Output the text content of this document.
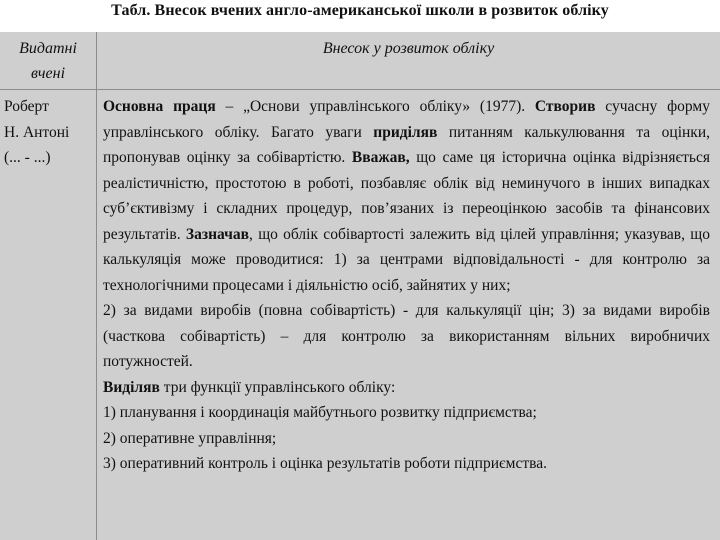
Табл. Внесок вчених англо-американської школи в розвиток обліку
Видатні
вчені
Внесок у розвиток обліку
Роберт
Н. Антоні
(... - ...)

Основна праця – „Основи управлінського обліку» (1977). Створив сучасну форму управлінського обліку. Багато уваги приділяв питанням калькулювання та оцінки, пропонував оцінку за собівартістю. Вважав, що саме ця історична оцінка відрізняється реалістичністю, простотою в роботі, позбавляє облік від неминучого в інших випадках суб’єктивізму і складних процедур, пов’язаних із переоцінкою засобів та фінансових результатів. Зазначав, що облік собівартості залежить від цілей управління; указував, що калькуляція може проводитися: 1) за центрами відповідальності - для контролю за технологічними процесами і діяльністю осіб, зайнятих у них;

2) за видами виробів (повна собівартість) - для калькуляції цін; 3) за видами виробів (часткова собівартість) – для контролю за використанням вільних виробничих потужностей.

Виділяв три функції управлінського обліку:

1) планування і координація майбутнього розвитку підприємства;

2) оперативне управління;

3) оперативний контроль і оцінка результатів роботи підприємства.
